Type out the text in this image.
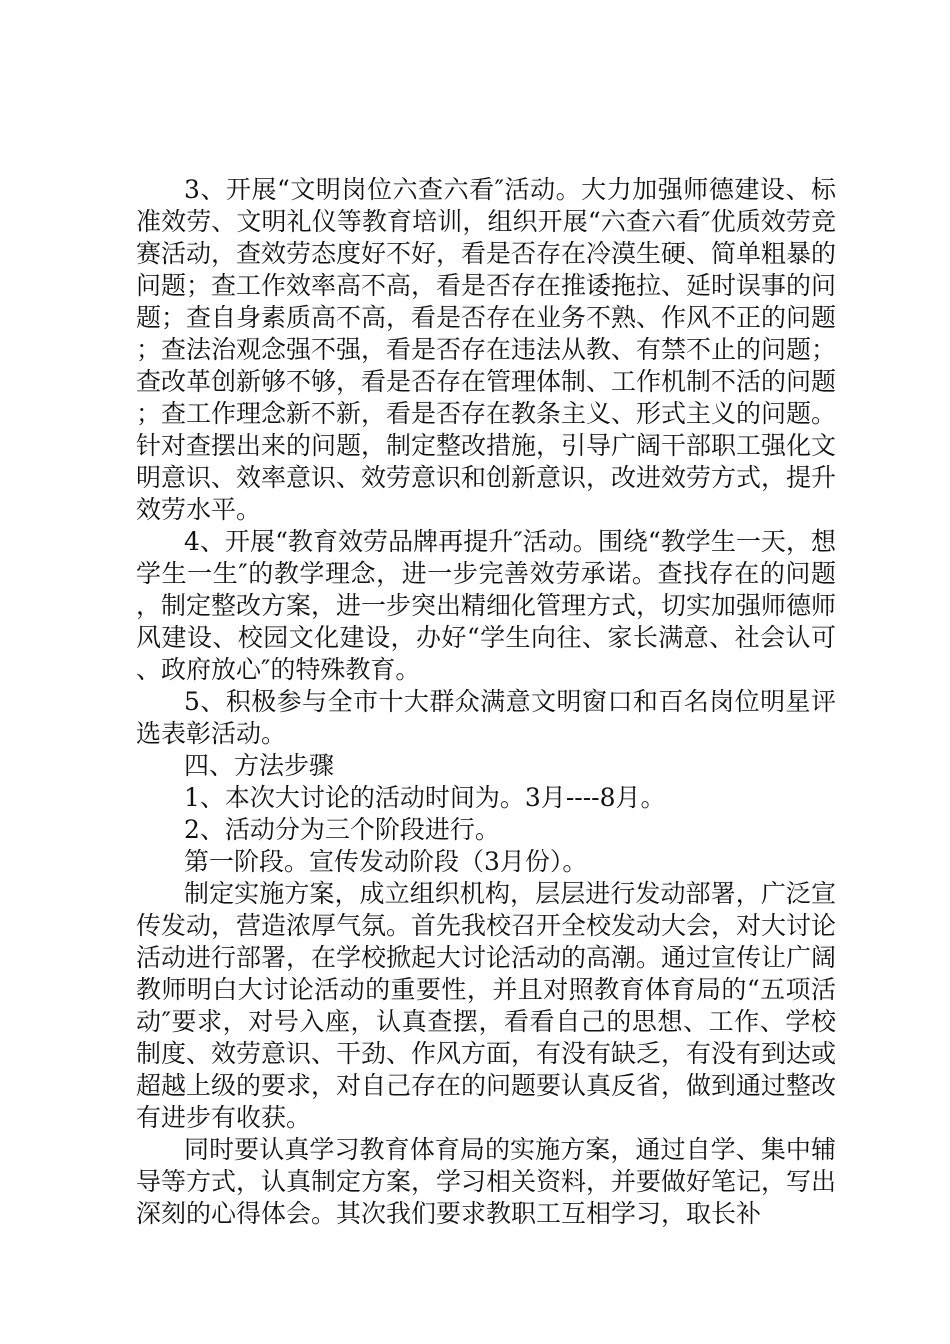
3、开展“文明岗位六查六看″活动。大力加强师德建设、标准效劳、文明礼仪等教育培训，组织开展“六查六看″优质效劳竞赛活动，查效劳态度好不好，看是否存在冷漠生硬、简单粗暴的问题；查工作效率高不高，看是否存在推诿拖拉、延时误事的问题；查自身素质高不高，看是否存在业务不熟、作风不正的问题；查法治观念强不强，看是否存在违法从教、有禁不止的问题；查改革创新够不够，看是否存在管理体制、工作机制不活的问题；查工作理念新不新，看是否存在教条主义、形式主义的问题。针对查摆出来的问题，制定整改措施，引导广阔干部职工强化文明意识、效率意识、效劳意识和创新意识，改进效劳方式，提升效劳水平。

4、开展“教育效劳品牌再提升″活动。围绕“教学生一天，想学生一生″的教学理念，进一步完善效劳承诺。查找存在的问题，制定整改方案，进一步突出精细化管理方式，切实加强师德师风建设、校园文化建设，办好“学生向往、家长满意、社会认可、政府放心″的特殊教育。

5、积极参与全市十大群众满意文明窗口和百名岗位明星评选表彰活动。

四、方法步骤

1、本次大讨论的活动时间为。3月----8月。

2、活动分为三个阶段进行。

第一阶段。宣传发动阶段（3月份）。

制定实施方案，成立组织机构，层层进行发动部署，广泛宣传发动，营造浓厚气氛。首先我校召开全校发动大会，对大讨论活动进行部署，在学校掀起大讨论活动的高潮。通过宣传让广阔教师明白大讨论活动的重要性，并且对照教育体育局的“五项活动″要求，对号入座，认真查摆，看看自己的思想、工作、学校制度、效劳意识、干劲、作风方面，有没有缺乏，有没有到达或超越上级的要求，对自己存在的问题要认真反省，做到通过整改有进步有收获。

同时要认真学习教育体育局的实施方案，通过自学、集中辅导等方式，认真制定方案，学习相关资料，并要做好笔记，写出深刻的心得体会。其次我们要求教职工互相学习，取长补
